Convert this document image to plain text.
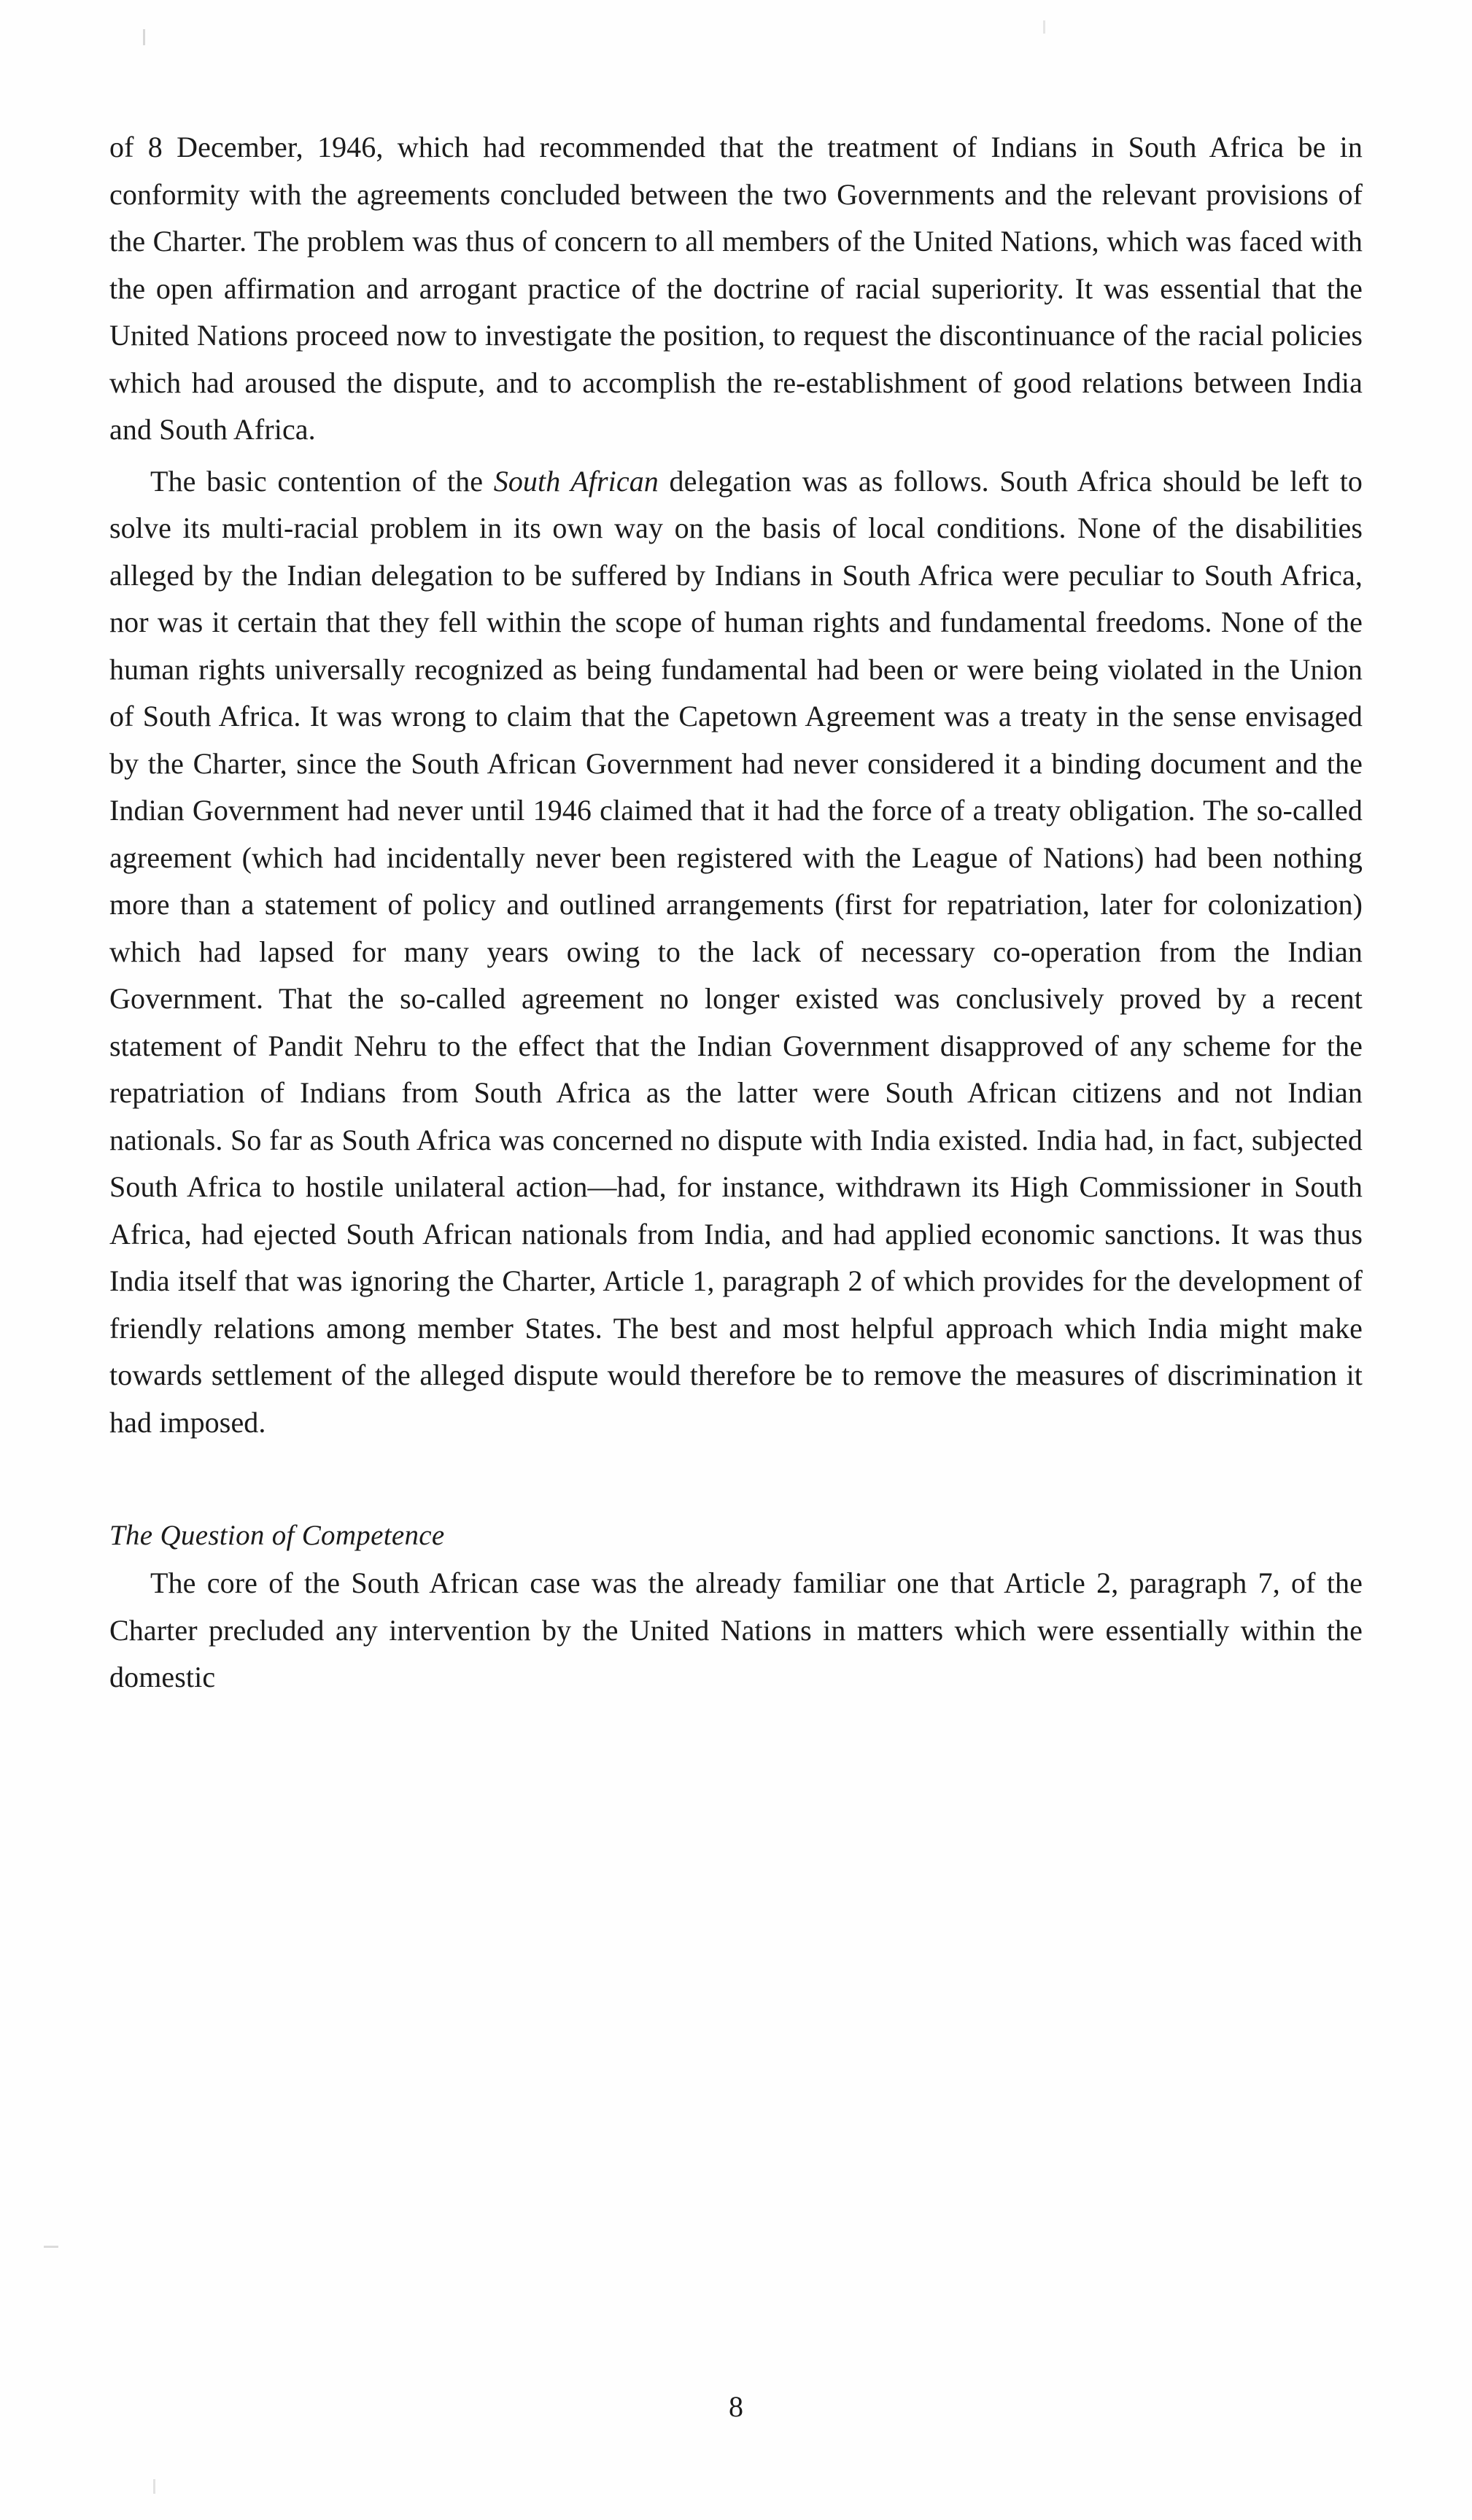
of 8 December, 1946, which had recommended that the treatment of Indians in South Africa be in conformity with the agreements concluded between the two Governments and the relevant provisions of the Charter. The problem was thus of concern to all members of the United Nations, which was faced with the open affirmation and arrogant practice of the doctrine of racial superiority. It was essential that the United Nations proceed now to investigate the position, to request the discontinuance of the racial policies which had aroused the dispute, and to accomplish the re-establishment of good relations between India and South Africa.

The basic contention of the South African delegation was as follows. South Africa should be left to solve its multi-racial problem in its own way on the basis of local conditions. None of the disabilities alleged by the Indian delegation to be suffered by Indians in South Africa were peculiar to South Africa, nor was it certain that they fell within the scope of human rights and fundamental freedoms. None of the human rights universally recognized as being fundamental had been or were being violated in the Union of South Africa. It was wrong to claim that the Capetown Agreement was a treaty in the sense envisaged by the Charter, since the South African Government had never considered it a binding document and the Indian Government had never until 1946 claimed that it had the force of a treaty obligation. The so-called agreement (which had incidentally never been registered with the League of Nations) had been nothing more than a statement of policy and outlined arrangements (first for repatriation, later for colonization) which had lapsed for many years owing to the lack of necessary co-operation from the Indian Government. That the so-called agreement no longer existed was conclusively proved by a recent statement of Pandit Nehru to the effect that the Indian Government disapproved of any scheme for the repatriation of Indians from South Africa as the latter were South African citizens and not Indian nationals. So far as South Africa was concerned no dispute with India existed. India had, in fact, subjected South Africa to hostile unilateral action—had, for instance, withdrawn its High Commissioner in South Africa, had ejected South African nationals from India, and had applied economic sanctions. It was thus India itself that was ignoring the Charter, Article 1, paragraph 2 of which provides for the development of friendly relations among member States. The best and most helpful approach which India might make towards settlement of the alleged dispute would therefore be to remove the measures of discrimination it had imposed.

The Question of Competence

The core of the South African case was the already familiar one that Article 2, paragraph 7, of the Charter precluded any intervention by the United Nations in matters which were essentially within the domestic

8
